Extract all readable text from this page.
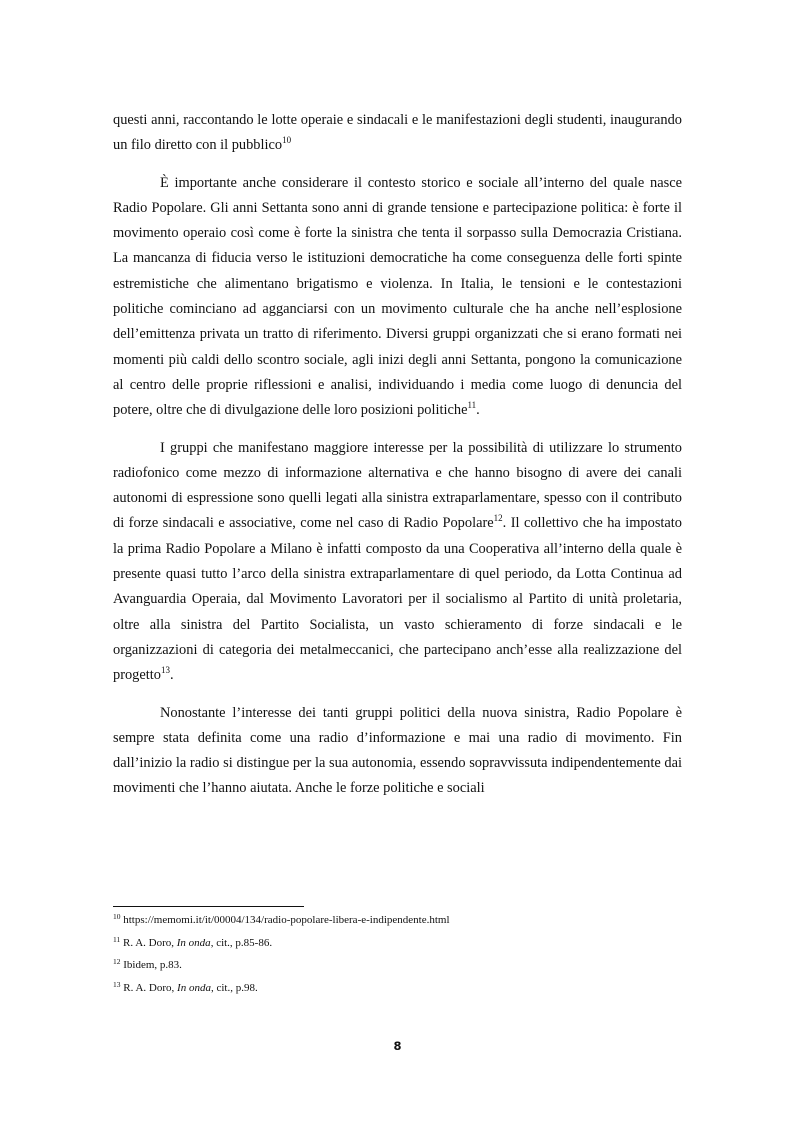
questi anni, raccontando le lotte operaie e sindacali e le manifestazioni degli studenti, inaugurando un filo diretto con il pubblico$^{10}$

È importante anche considerare il contesto storico e sociale all’interno del quale nasce Radio Popolare. Gli anni Settanta sono anni di grande tensione e partecipazione politica: è forte il movimento operaio così come è forte la sinistra che tenta il sorpasso sulla Democrazia Cristiana. La mancanza di fiducia verso le istituzioni democratiche ha come conseguenza delle forti spinte estremistiche che alimentano brigatismo e violenza. In Italia, le tensioni e le contestazioni politiche cominciano ad agganciarsi con un movimento culturale che ha anche nell’esplosione dell’emittenza privata un tratto di riferimento. Diversi gruppi organizzati che si erano formati nei momenti più caldi dello scontro sociale, agli inizi degli anni Settanta, pongono la comunicazione al centro delle proprie riflessioni e analisi, individuando i media come luogo di denuncia del potere, oltre che di divulgazione delle loro posizioni politiche$^{11}$.

I gruppi che manifestano maggiore interesse per la possibilità di utilizzare lo strumento radiofonico come mezzo di informazione alternativa e che hanno bisogno di avere dei canali autonomi di espressione sono quelli legati alla sinistra extraparlamentare, spesso con il contributo di forze sindacali e associative, come nel caso di Radio Popolare$^{12}$. Il collettivo che ha impostato la prima Radio Popolare a Milano è infatti composto da una Cooperativa all’interno della quale è presente quasi tutto l’arco della sinistra extraparlamentare di quel periodo, da Lotta Continua ad Avanguardia Operaia, dal Movimento Lavoratori per il socialismo al Partito di unità proletaria, oltre alla sinistra del Partito Socialista, un vasto schieramento di forze sindacali e le organizzazioni di categoria dei metalmeccanici, che partecipano anch’esse alla realizzazione del progetto$^{13}$.

Nonostante l’interesse dei tanti gruppi politici della nuova sinistra, Radio Popolare è sempre stata definita come una radio d’informazione e mai una radio di movimento. Fin dall’inizio la radio si distingue per la sua autonomia, essendo sopravvissuta indipendentemente dai movimenti che l’hanno aiutata. Anche le forze politiche e sociali

$^{10}$ https://memomi.it/it/00004/134/radio-popolare-libera-e-indipendente.html
$^{11}$ R. A. Doro, In onda, cit., p.85-86.
$^{12}$ Ibidem, p.83.
$^{13}$ R. A. Doro, In onda, cit., p.98.
8
